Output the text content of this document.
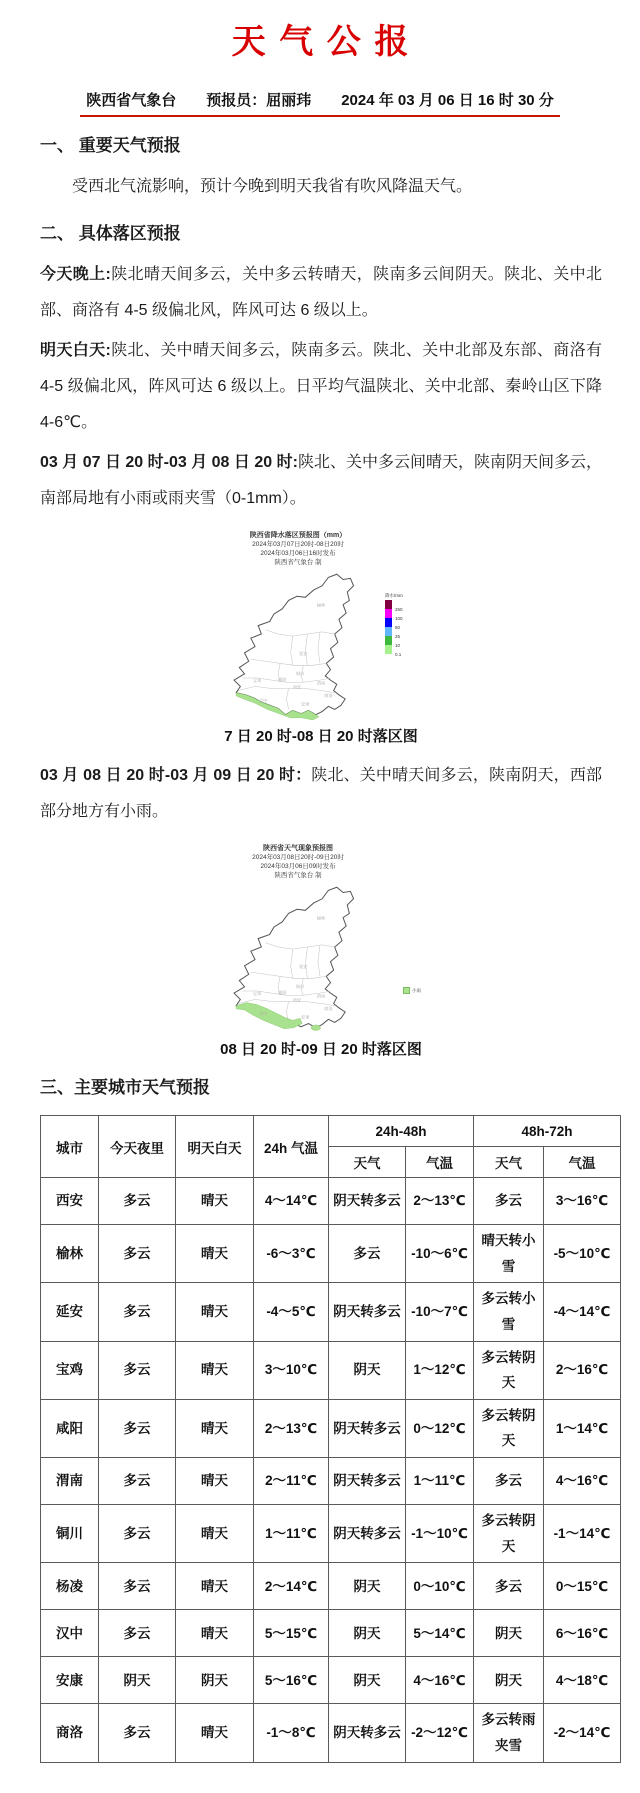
天气公报
陕西省气象台　　预报员：屈丽玮　　2024 年 03 月 06 日 16 时 30 分
一、 重要天气预报

受西北气流影响，预计今晚到明天我省有吹风降温天气。

二、 具体落区预报

今天晚上:陕北晴天间多云，关中多云转晴天，陕南多云间阴天。陕北、关中北部、商洛有 4-5 级偏北风，阵风可达 6 级以上。

明天白天:陕北、关中晴天间多云，陕南多云。陕北、关中北部及东部、商洛有 4-5 级偏北风，阵风可达 6 级以上。日平均气温陕北、关中北部、秦岭山区下降 4-6℃。

03 月 07 日 20 时-03 月 08 日 20 时:陕北、关中多云间晴天，陕南阴天间多云，南部局地有小雨或雨夹雪（0-1mm）。

陕西省降水落区预报图（mm）
2024年03月07日20时-08日20时
2024年03月06日16时发布
陕西省气象台 制
榆林
延安
铜川
渭南
咸阳
西安
宝鸡
汉中
安康
商洛
降水/mm
250
100
50
25
10
0.1
7 日 20 时-08 日 20 时落区图

03 月 08 日 20 时-03 月 09 日 20 时：陕北、关中晴天间多云，陕南阴天，西部部分地方有小雨。

陕西省天气现象预报图
2024年03月08日20时-09日20时
2024年03月06日09时发布
陕西省气象台 制
榆林
延安
铜川
渭南
咸阳
西安
宝鸡
汉中
安康
商洛
小雨
08 日 20 时-09 日 20 时落区图
三、主要城市天气预报
城市	今天夜里	明天白天	24h 气温	24h-48h		48h-72h	
				天气	气温	天气	气温
西安	多云	晴天	4～14℃	阴天转多云	2～13℃	多云	3～16℃
榆林	多云	晴天	-6～3℃	多云	-10～6℃	晴天转小雪	-5～10℃
延安	多云	晴天	-4～5℃	阴天转多云	-10～7℃	多云转小雪	-4～14℃
宝鸡	多云	晴天	3～10℃	阴天	1～12℃	多云转阴天	2～16℃
咸阳	多云	晴天	2～13℃	阴天转多云	0～12℃	多云转阴天	1～14℃
渭南	多云	晴天	2～11℃	阴天转多云	1～11℃	多云	4～16℃
铜川	多云	晴天	1～11℃	阴天转多云	-1～10℃	多云转阴天	-1～14℃
杨凌	多云	晴天	2～14℃	阴天	0～10℃	多云	0～15℃
汉中	多云	晴天	5～15℃	阴天	5～14℃	阴天	6～16℃
安康	阴天	阴天	5～16℃	阴天	4～16℃	阴天	4～18℃
商洛	多云	晴天	-1～8℃	阴天转多云	-2～12℃	多云转雨夹雪	-2～14℃
